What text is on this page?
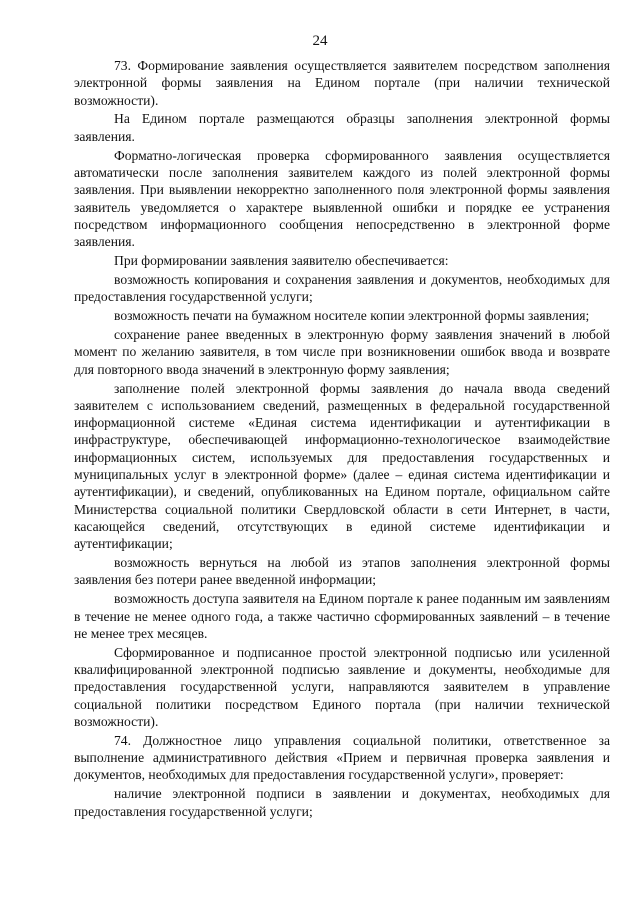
24

73. Формирование заявления осуществляется заявителем посредством заполнения электронной формы заявления на Едином портале (при наличии технической возможности).

На Едином портале размещаются образцы заполнения электронной формы заявления.

Форматно-логическая проверка сформированного заявления осуществляется автоматически после заполнения заявителем каждого из полей электронной формы заявления. При выявлении некорректно заполненного поля электронной формы заявления заявитель уведомляется о характере выявленной ошибки и порядке ее устранения посредством информационного сообщения непосредственно в электронной форме заявления.

При формировании заявления заявителю обеспечивается:

возможность копирования и сохранения заявления и документов, необходимых для предоставления государственной услуги;

возможность печати на бумажном носителе копии электронной формы заявления;

сохранение ранее введенных в электронную форму заявления значений в любой момент по желанию заявителя, в том числе при возникновении ошибок ввода и возврате для повторного ввода значений в электронную форму заявления;

заполнение полей электронной формы заявления до начала ввода сведений заявителем с использованием сведений, размещенных в федеральной государственной информационной системе «Единая система идентификации и аутентификации в инфраструктуре, обеспечивающей информационно-технологическое взаимодействие информационных систем, используемых для предоставления государственных и муниципальных услуг в электронной форме» (далее – единая система идентификации и аутентификации), и сведений, опубликованных на Едином портале, официальном сайте Министерства социальной политики Свердловской области в сети Интернет, в части, касающейся сведений, отсутствующих в единой системе идентификации и аутентификации;

возможность вернуться на любой из этапов заполнения электронной формы заявления без потери ранее введенной информации;

возможность доступа заявителя на Едином портале к ранее поданным им заявлениям в течение не менее одного года, а также частично сформированных заявлений – в течение не менее трех месяцев.

Сформированное и подписанное простой электронной подписью или усиленной квалифицированной электронной подписью заявление и документы, необходимые для предоставления государственной услуги, направляются заявителем в управление социальной политики посредством Единого портала (при наличии технической возможности).

74. Должностное лицо управления социальной политики, ответственное за выполнение административного действия «Прием и первичная проверка заявления и документов, необходимых для предоставления государственной услуги», проверяет:

наличие электронной подписи в заявлении и документах, необходимых для предоставления государственной услуги;
